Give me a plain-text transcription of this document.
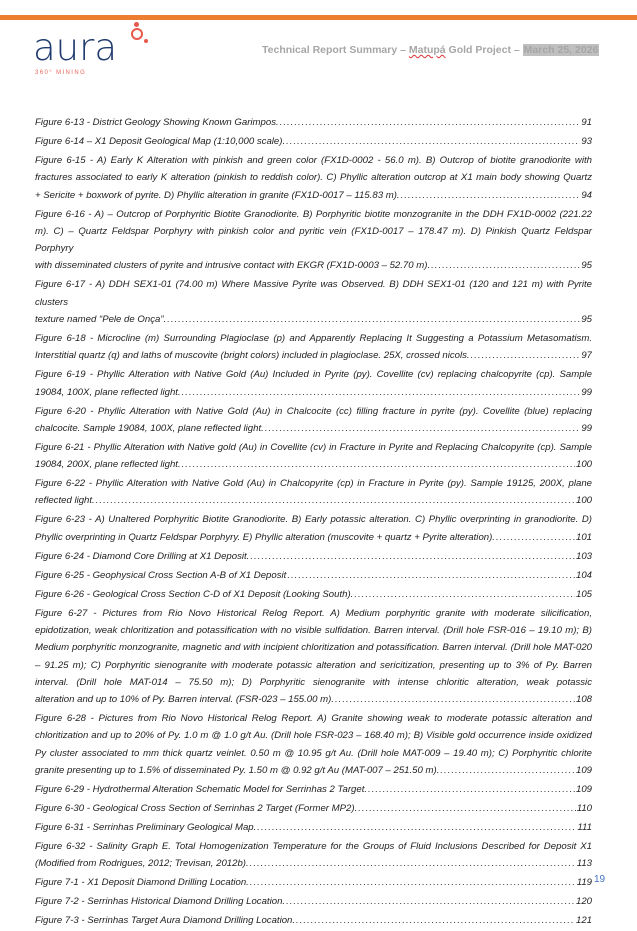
aura
360° MINING
Technical Report Summary – Matupá Gold Project – March 25, 2026
Figure 6-13 - District Geology Showing Known Garimpos. .....	91
Figure 6-14 – X1 Deposit Geological Map (1:10,000 scale). .....	93
Figure 6-15 - A) Early K Alteration with pinkish and green color (FX1D-0002 - 56.0 m). B) Outcrop of biotite granodiorite with fractures associated to early K alteration (pinkish to reddish color). C) Phyllic alteration outcrop at X1 main body showing Quartz
+ Sericite + boxwork of pyrite. D) Phyllic alteration in granite (FX1D-0017 – 115.83 m). .....	94
Figure 6-16 - A) – Outcrop of Porphyritic Biotite Granodiorite. B) Porphyritic biotite monzogranite in the DDH FX1D-0002 (221.22 m). C) – Quartz Feldspar Porphyry with pinkish color and pyritic vein (FX1D-0017 – 178.47 m). D) Pinkish Quartz Feldspar Porphyry
with disseminated clusters of pyrite and intrusive contact with EKGR (FX1D-0003 – 52.70 m). .....	95
Figure 6-17 - A) DDH SEX1-01 (74.00 m) Where Massive Pyrite was Observed. B) DDH SEX1-01 (120 and 121 m) with Pyrite clusters
texture named “Pele de Onça”. .....	95
Figure 6-18 - Microcline (m) Surrounding Plagioclase (p) and Apparently Replacing It Suggesting a Potassium Metasomatism.
Interstitial quartz (q) and laths of muscovite (bright colors) included in plagioclase. 25X, crossed nicols. .....	97
Figure 6-19 - Phyllic Alteration with Native Gold (Au) Included in Pyrite (py). Covellite (cv) replacing chalcopyrite (cp). Sample
19084, 100X, plane reflected light. .....	99
Figure 6-20 - Phyllic Alteration with Native Gold (Au) in Chalcocite (cc) filling fracture in pyrite (py). Covellite (blue) replacing
chalcocite. Sample 19084, 100X, plane reflected light. .....	99
Figure 6-21 - Phyllic Alteration with Native gold (Au) in Covellite (cv) in Fracture in Pyrite and Replacing Chalcopyrite (cp). Sample
19084, 200X, plane reflected light. .....	100
Figure 6-22 - Phyllic Alteration with Native Gold (Au) in Chalcopyrite (cp) in Fracture in Pyrite (py). Sample 19125, 200X, plane
reflected light. .....	100
Figure 6-23 - A) Unaltered Porphyritic Biotite Granodiorite. B) Early potassic alteration. C) Phyllic overprinting in granodiorite. D)
Phyllic overprinting in Quartz Feldspar Porphyry. E) Phyllic alteration (muscovite + quartz + Pyrite alteration). .....	101
Figure 6-24 - Diamond Core Drilling at X1 Deposit. .....	103
Figure 6-25 - Geophysical Cross Section A-B of X1 Deposit .....	104
Figure 6-26 - Geological Cross Section C-D of X1 Deposit (Looking South). .....	105
Figure 6-27 - Pictures from Rio Novo Historical Relog Report. A) Medium porphyritic granite with moderate silicification, epidotization, weak chloritization and potassification with no visible sulfidation. Barren interval. (Drill hole FSR-016 – 19.10 m); B) Medium porphyritic monzogranite, magnetic and with incipient chloritization and potassification. Barren interval. (Drill hole MAT-020 – 91.25 m); C) Porphyritic sienogranite with moderate potassic alteration and sericitization, presenting up to 3% of Py. Barren interval. (Drill hole MAT-014 – 75.50 m); D) Porphyritic sienogranite with intense chloritic alteration, weak potassic
alteration and up to 10% of Py. Barren interval. (FSR-023 – 155.00 m). .....	108
Figure 6-28 - Pictures from Rio Novo Historical Relog Report. A) Granite showing weak to moderate potassic alteration and chloritization and up to 20% of Py. 1.0 m @ 1.0 g/t Au. (Drill hole FSR-023 – 168.40 m); B) Visible gold occurrence inside oxidized Py cluster associated to mm thick quartz veinlet. 0.50 m @ 10.95 g/t Au. (Drill hole MAT-009 – 19.40 m); C) Porphyritic chlorite
granite presenting up to 1.5% of disseminated Py. 1.50 m @ 0.92 g/t Au (MAT-007 – 251.50 m). .....	109
Figure 6-29 - Hydrothermal Alteration Schematic Model for Serrinhas 2 Target. .....	109
Figure 6-30 - Geological Cross Section of Serrinhas 2 Target (Former MP2). .....	110
Figure 6-31 - Serrinhas Preliminary Geological Map. .....	111
Figure 6-32 - Salinity Graph E. Total Homogenization Temperature for the Groups of Fluid Inclusions Described for Deposit X1
(Modified from Rodrigues, 2012; Trevisan, 2012b). .....	113
Figure 7-1 - X1 Deposit Diamond Drilling Location. .....	119
Figure 7-2 - Serrinhas Historical Diamond Drilling Location. .....	120
Figure 7-3 - Serrinhas Target Aura Diamond Drilling Location. .....	121
19
